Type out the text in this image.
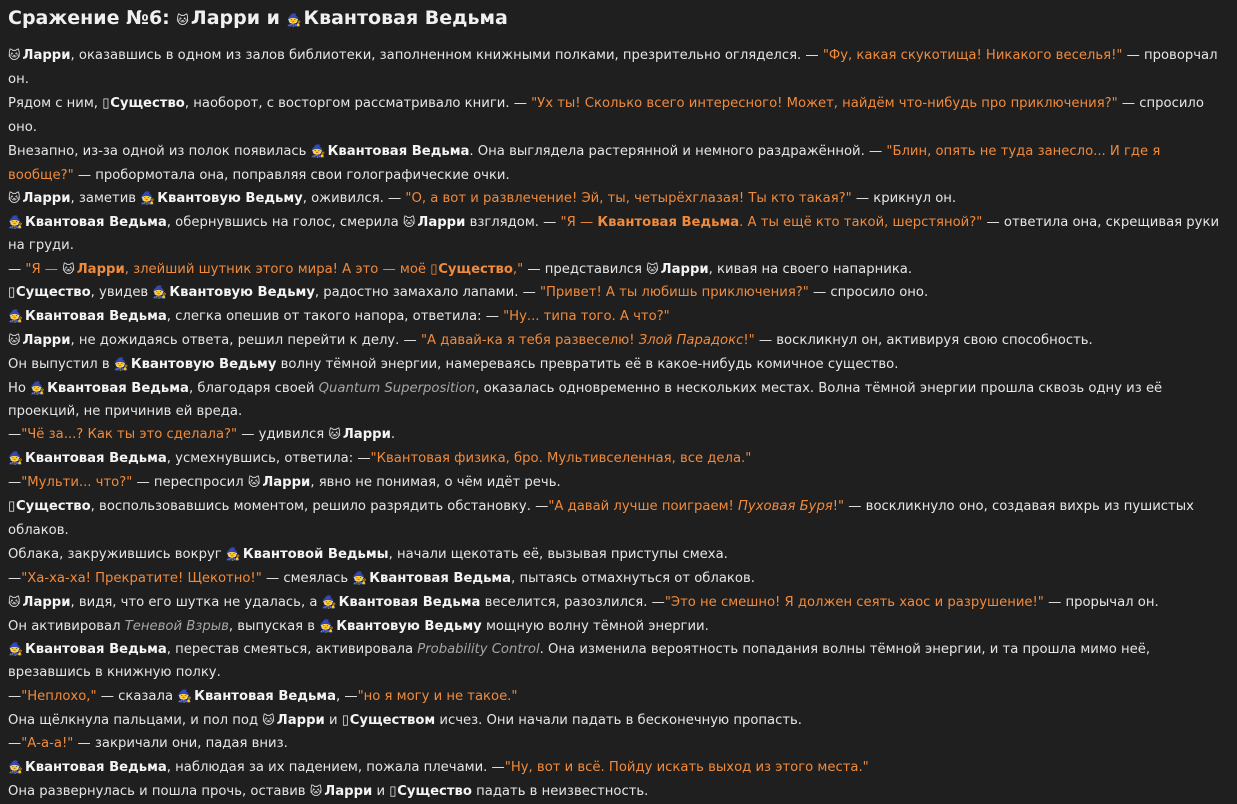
Сражение №6: 🐱 Ларри и 🧙 Квантовая Ведьма

🐱 Ларри, оказавшись в одном из залов библиотеки, заполненном книжными полками, презрительно огляделся. — "Фу, какая скукотища! Никакого веселья!" — проворчал он.

Рядом с ним, ▯Существо, наоборот, с восторгом рассматривало книги. — "Ух ты! Сколько всего интересного! Может, найдём что-нибудь про приключения?" — спросило оно.

Внезапно, из-за одной из полок появилась 🧙 Квантовая Ведьма. Она выглядела растерянной и немного раздражённой. — "Блин, опять не туда занесло... И где я вообще?" — пробормотала она, поправляя свои голографические очки.

🐱 Ларри, заметив 🧙 Квантовую Ведьму, оживился. — "О, а вот и развлечение! Эй, ты, четырёхглазая! Ты кто такая?" — крикнул он.

🧙 Квантовая Ведьма, обернувшись на голос, смерила 🐱 Ларри взглядом. — "Я — Квантовая Ведьма. А ты ещё кто такой, шерстяной?" — ответила она, скрещивая руки на груди.

— "Я — 🐱 Ларри, злейший шутник этого мира! А это — моё ▯Существо," — представился 🐱 Ларри, кивая на своего напарника.

▯Существо, увидев 🧙 Квантовую Ведьму, радостно замахало лапами. — "Привет! А ты любишь приключения?" — спросило оно.

🧙 Квантовая Ведьма, слегка опешив от такого напора, ответила: — "Ну... типа того. А что?"

🐱 Ларри, не дожидаясь ответа, решил перейти к делу. — "А давай-ка я тебя развеселю! Злой Парадокс!" — воскликнул он, активируя свою способность.

Он выпустил в 🧙 Квантовую Ведьму волну тёмной энергии, намереваясь превратить её в какое-нибудь комичное существо.

Но 🧙 Квантовая Ведьма, благодаря своей Quantum Superposition, оказалась одновременно в нескольких местах. Волна тёмной энергии прошла сквозь одну из её проекций, не причинив ей вреда.

—"Чё за...? Как ты это сделала?" — удивился 🐱 Ларри.

🧙 Квантовая Ведьма, усмехнувшись, ответила: —"Квантовая физика, бро. Мультивселенная, все дела."

—"Мульти... что?" — переспросил 🐱 Ларри, явно не понимая, о чём идёт речь.

▯Существо, воспользовавшись моментом, решило разрядить обстановку. —"А давай лучше поиграем! Пуховая Буря!" — воскликнуло оно, создавая вихрь из пушистых облаков.

Облака, закружившись вокруг 🧙 Квантовой Ведьмы, начали щекотать её, вызывая приступы смеха.

—"Ха-ха-ха! Прекратите! Щекотно!" — смеялась 🧙 Квантовая Ведьма, пытаясь отмахнуться от облаков.

🐱 Ларри, видя, что его шутка не удалась, а 🧙 Квантовая Ведьма веселится, разозлился. —"Это не смешно! Я должен сеять хаос и разрушение!" — прорычал он.

Он активировал Теневой Взрыв, выпуская в 🧙 Квантовую Ведьму мощную волну тёмной энергии.

🧙 Квантовая Ведьма, перестав смеяться, активировала Probability Control. Она изменила вероятность попадания волны тёмной энергии, и та прошла мимо неё, врезавшись в книжную полку.

—"Неплохо," — сказала 🧙 Квантовая Ведьма, —"но я могу и не такое."

Она щёлкнула пальцами, и пол под 🐱 Ларри и ▯Существом исчез. Они начали падать в бесконечную пропасть.

—"А-а-а!" — закричали они, падая вниз.

🧙 Квантовая Ведьма, наблюдая за их падением, пожала плечами. —"Ну, вот и всё. Пойду искать выход из этого места."

Она развернулась и пошла прочь, оставив 🐱 Ларри и ▯Существо падать в неизвестность.
